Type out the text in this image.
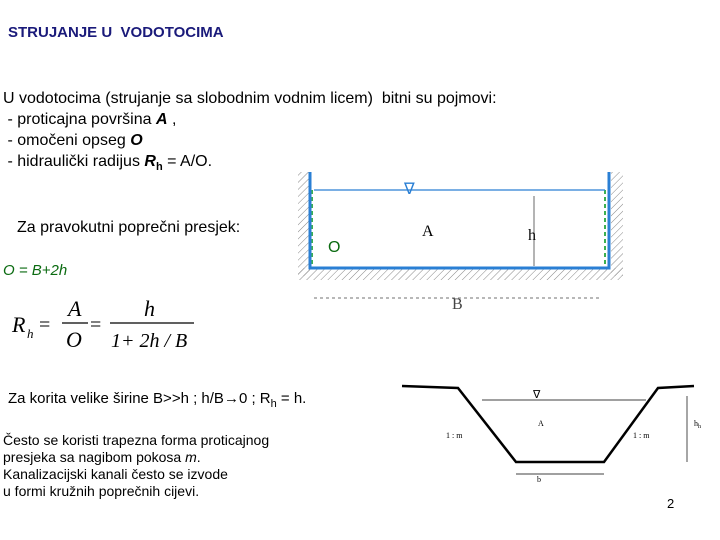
STRUJANJE U  VODOTOCIMA
U vodotocima (strujanje sa slobodnim vodnim licem)  bitni su pojmovi:
- proticajna površina A ,
- omočeni opseg O
- hidraulički radijus $R_h = A/O$.
Za pravokutni poprečni presjek:
O = B+2h
R h =
A
O
=
h
1+ 2h / B
∇
h
A
O
B
Za korita velike širine B>>h ; h/B→0 ; $R_h = h$.	∇
1 : m	1 : m
A
b
$h_h$
Često se koristi trapezna forma proticajnog
presjeka sa nagibom pokosa m.
Kanalizacijski kanali često se izvode
u formi kružnih poprečnih cijevi.
2
